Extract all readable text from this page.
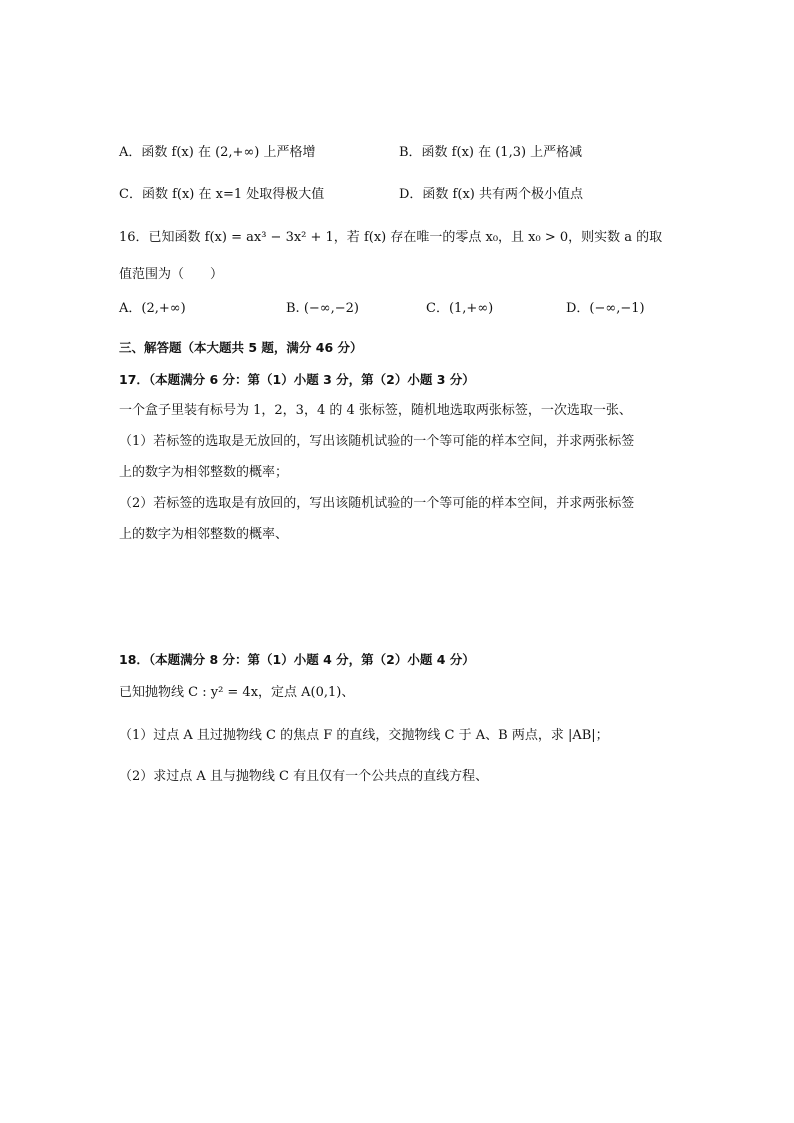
A．函数 f(x) 在 (2,+∞) 上严格增	B．函数 f(x) 在 (1,3) 上严格减
C．函数 f(x) 在 x=1 处取得极大值	D．函数 f(x) 共有两个极小值点
16．已知函数 f(x) = ax³ − 3x² + 1，若 f(x) 存在唯一的零点 x₀，且 x₀ > 0，则实数 a 的取
值范围为（　　）
A．(2,+∞)	B. (−∞,−2)	C．(1,+∞)	D．(−∞,−1)
三、解答题（本大题共 5 题，满分 46 分）
17．（本题满分 6 分：第（1）小题 3 分，第（2）小题 3 分）
一个盒子里装有标号为 1，2，3，4 的 4 张标签，随机地选取两张标签，一次选取一张、
（1）若标签的选取是无放回的，写出该随机试验的一个等可能的样本空间，并求两张标签
上的数字为相邻整数的概率；
（2）若标签的选取是有放回的，写出该随机试验的一个等可能的样本空间，并求两张标签
上的数字为相邻整数的概率、
18．（本题满分 8 分：第（1）小题 4 分，第（2）小题 4 分）
已知抛物线 C : y² = 4x，定点 A(0,1)、
（1）过点 A 且过抛物线 C 的焦点 F 的直线，交抛物线 C 于 A、B 两点，求 |AB|；
（2）求过点 A 且与抛物线 C 有且仅有一个公共点的直线方程、
